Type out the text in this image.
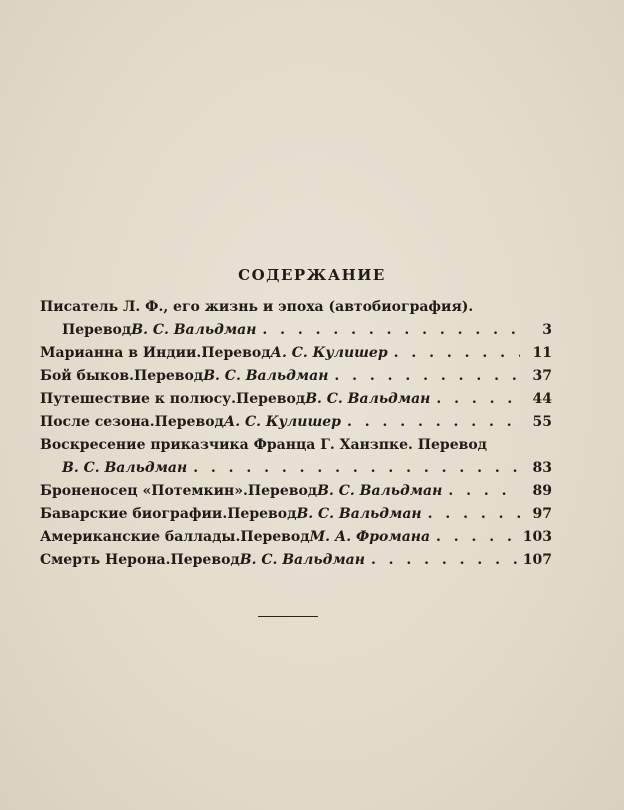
СОДЕРЖАНИЕ
Писатель Л. Ф., его жизнь и эпоха (автобиография).
Перевод В. С. Вальдман . . .	3
Марианна в Индии. Перевод А. С. Кулишер . . .	11
Бой быков. Перевод В. С. Вальдман . . .	37
Путешествие к полюсу. Перевод В. С. Вальдман . . .	44
После сезона. Перевод А. С. Кулишер . . .	55
Воскресение приказчика Франца Г. Ханзпке. Перевод
В. С. Вальдман . . .	83
Броненосец «Потемкин». Перевод В. С. Вальдман . . .	89
Баварские биографии. Перевод В. С. Вальдман . . .	97
Американские баллады. Перевод М. А. Фромана . . .	103
Смерть Нерона. Перевод В. С. Вальдман . . .	107
